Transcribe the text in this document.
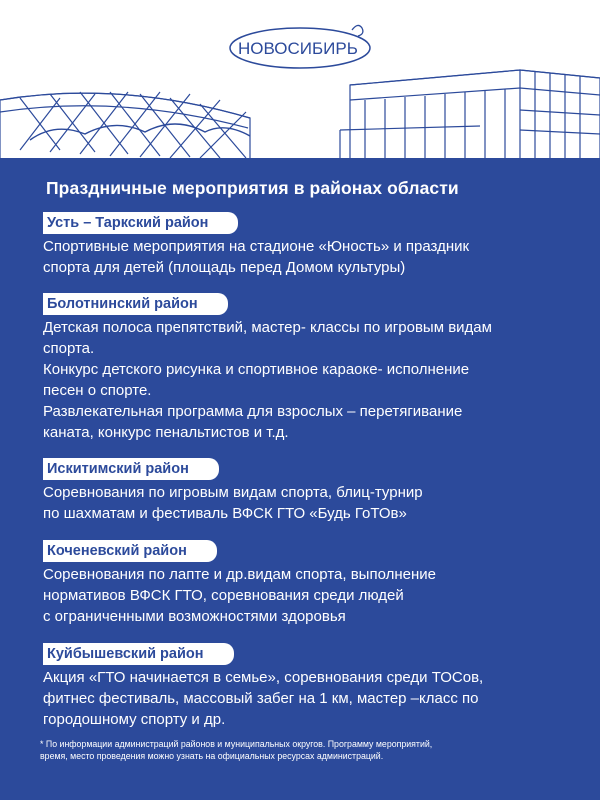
НОВОСИБИРЬ
Праздничные мероприятия в районах области
Усть – Таркский район
Спортивные мероприятия на стадионе «Юность» и праздник
спорта для детей (площадь перед Домом культуры)
Болотнинский район
Детская полоса препятствий, мастер- классы по игровым видам
спорта.
Конкурс детского рисунка и спортивное караоке- исполнение
песен о спорте.
Развлекательная программа для взрослых – перетягивание
каната, конкурс пенальтистов и т.д.
Искитимский район
Соревнования по игровым видам спорта, блиц-турнир
по шахматам и фестиваль ВФСК ГТО «Будь ГоТОв»
Коченевский район
Соревнования по лапте и др.видам спорта, выполнение
нормативов ВФСК ГТО, соревнования среди людей
с ограниченными возможностями здоровья
Куйбышевский район
Акция «ГТО начинается в семье», соревнования среди ТОСов,
фитнес фестиваль, массовый забег на 1 км, мастер –класс по
городошному спорту и др.
* По информации администраций районов и муниципальных округов. Программу мероприятий,
время, место проведения можно узнать на официальных ресурсах администраций.
